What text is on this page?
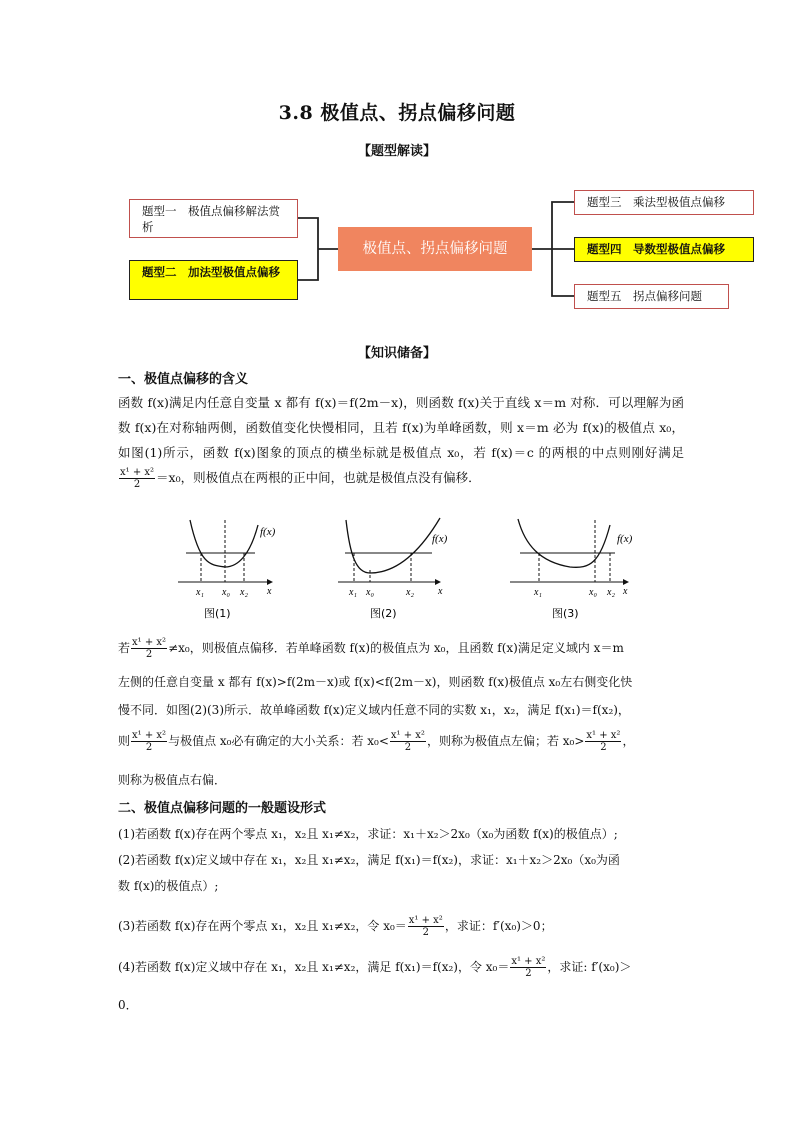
3.8 极值点、拐点偏移问题
【题型解读】
题型一　极值点偏移解法赏析
题型二　加法型极值点偏移
极值点、拐点偏移问题
题型三　乘法型极值点偏移
题型四　导数型极值点偏移
题型五　拐点偏移问题
【知识储备】
一、极值点偏移的含义
函数 f(x)满足内任意自变量 x 都有 f(x)＝f(2m－x)，则函数 f(x)关于直线 x＝m 对称．可以理解为函数 f(x)在对称轴两侧，函数值变化快慢相同，且若 f(x)为单峰函数，则 x＝m 必为 f(x)的极值点 x₀，如图(1)所示，函数 f(x)图象的顶点的横坐标就是极值点 x₀，若 f(x)＝c 的两根的中点则刚好满足
$\frac{\text{x¹ + x²}}{2} =x_0$，则极值点在两根的正中间，也就是极值点没有偏移．
f(x)
x₁ x₀ x₂ x
f(x)
x₁ x₀	x₂ x
f(x)
x₁	x₀ x₂ x
图(1)	图(2)	图(3)
若 $\frac{\text{x¹ + x²}}{2} \ne x_0$，则极值点偏移．若单峰函数 f(x)的极值点为 x₀，且函数 f(x)满足定义域内 x＝m
左侧的任意自变量 x 都有 f(x)>f(2m－x)或 f(x)<f(2m－x)，则函数 f(x)极值点 x₀左右侧变化快
慢不同．如图(2)(3)所示．故单峰函数 f(x)定义域内任意不同的实数 x₁，x₂，满足 f(x₁)＝f(x₂)，
则 $\frac{\text{x¹ + x²}}{2}$ 与极值点 x₀必有确定的大小关系：若 $x_0< \frac{\text{x¹ + x²}}{2}$ ，则称为极值点左偏；若 $x_0> \frac{\text{x¹ + x²}}{2}$ ，
则称为极值点右偏．
二、极值点偏移问题的一般题设形式
(1)若函数 f(x)存在两个零点 x₁，x₂且 x₁≠x₂，求证：x₁＋x₂＞2x₀（x₀为函数 f(x)的极值点）;
(2)若函数 f(x)定义域中存在 x₁，x₂且 x₁≠x₂，满足 f(x₁)＝f(x₂)，求证：x₁＋x₂＞2x₀（x₀为函
数 f(x)的极值点）;
(3)若函数 f(x)存在两个零点 x₁，x₂且 x₁≠x₂，令 $x_0= \frac{\text{x¹ + x²}}{2}$ ，求证：f′(x₀)＞0；
(4)若函数 f(x)定义域中存在 x₁，x₂且 x₁≠x₂，满足 f(x₁)＝f(x₂)，令 $x_0= \frac{\text{x¹ + x²}}{2}$ ，求证: f′(x₀)＞
0．
